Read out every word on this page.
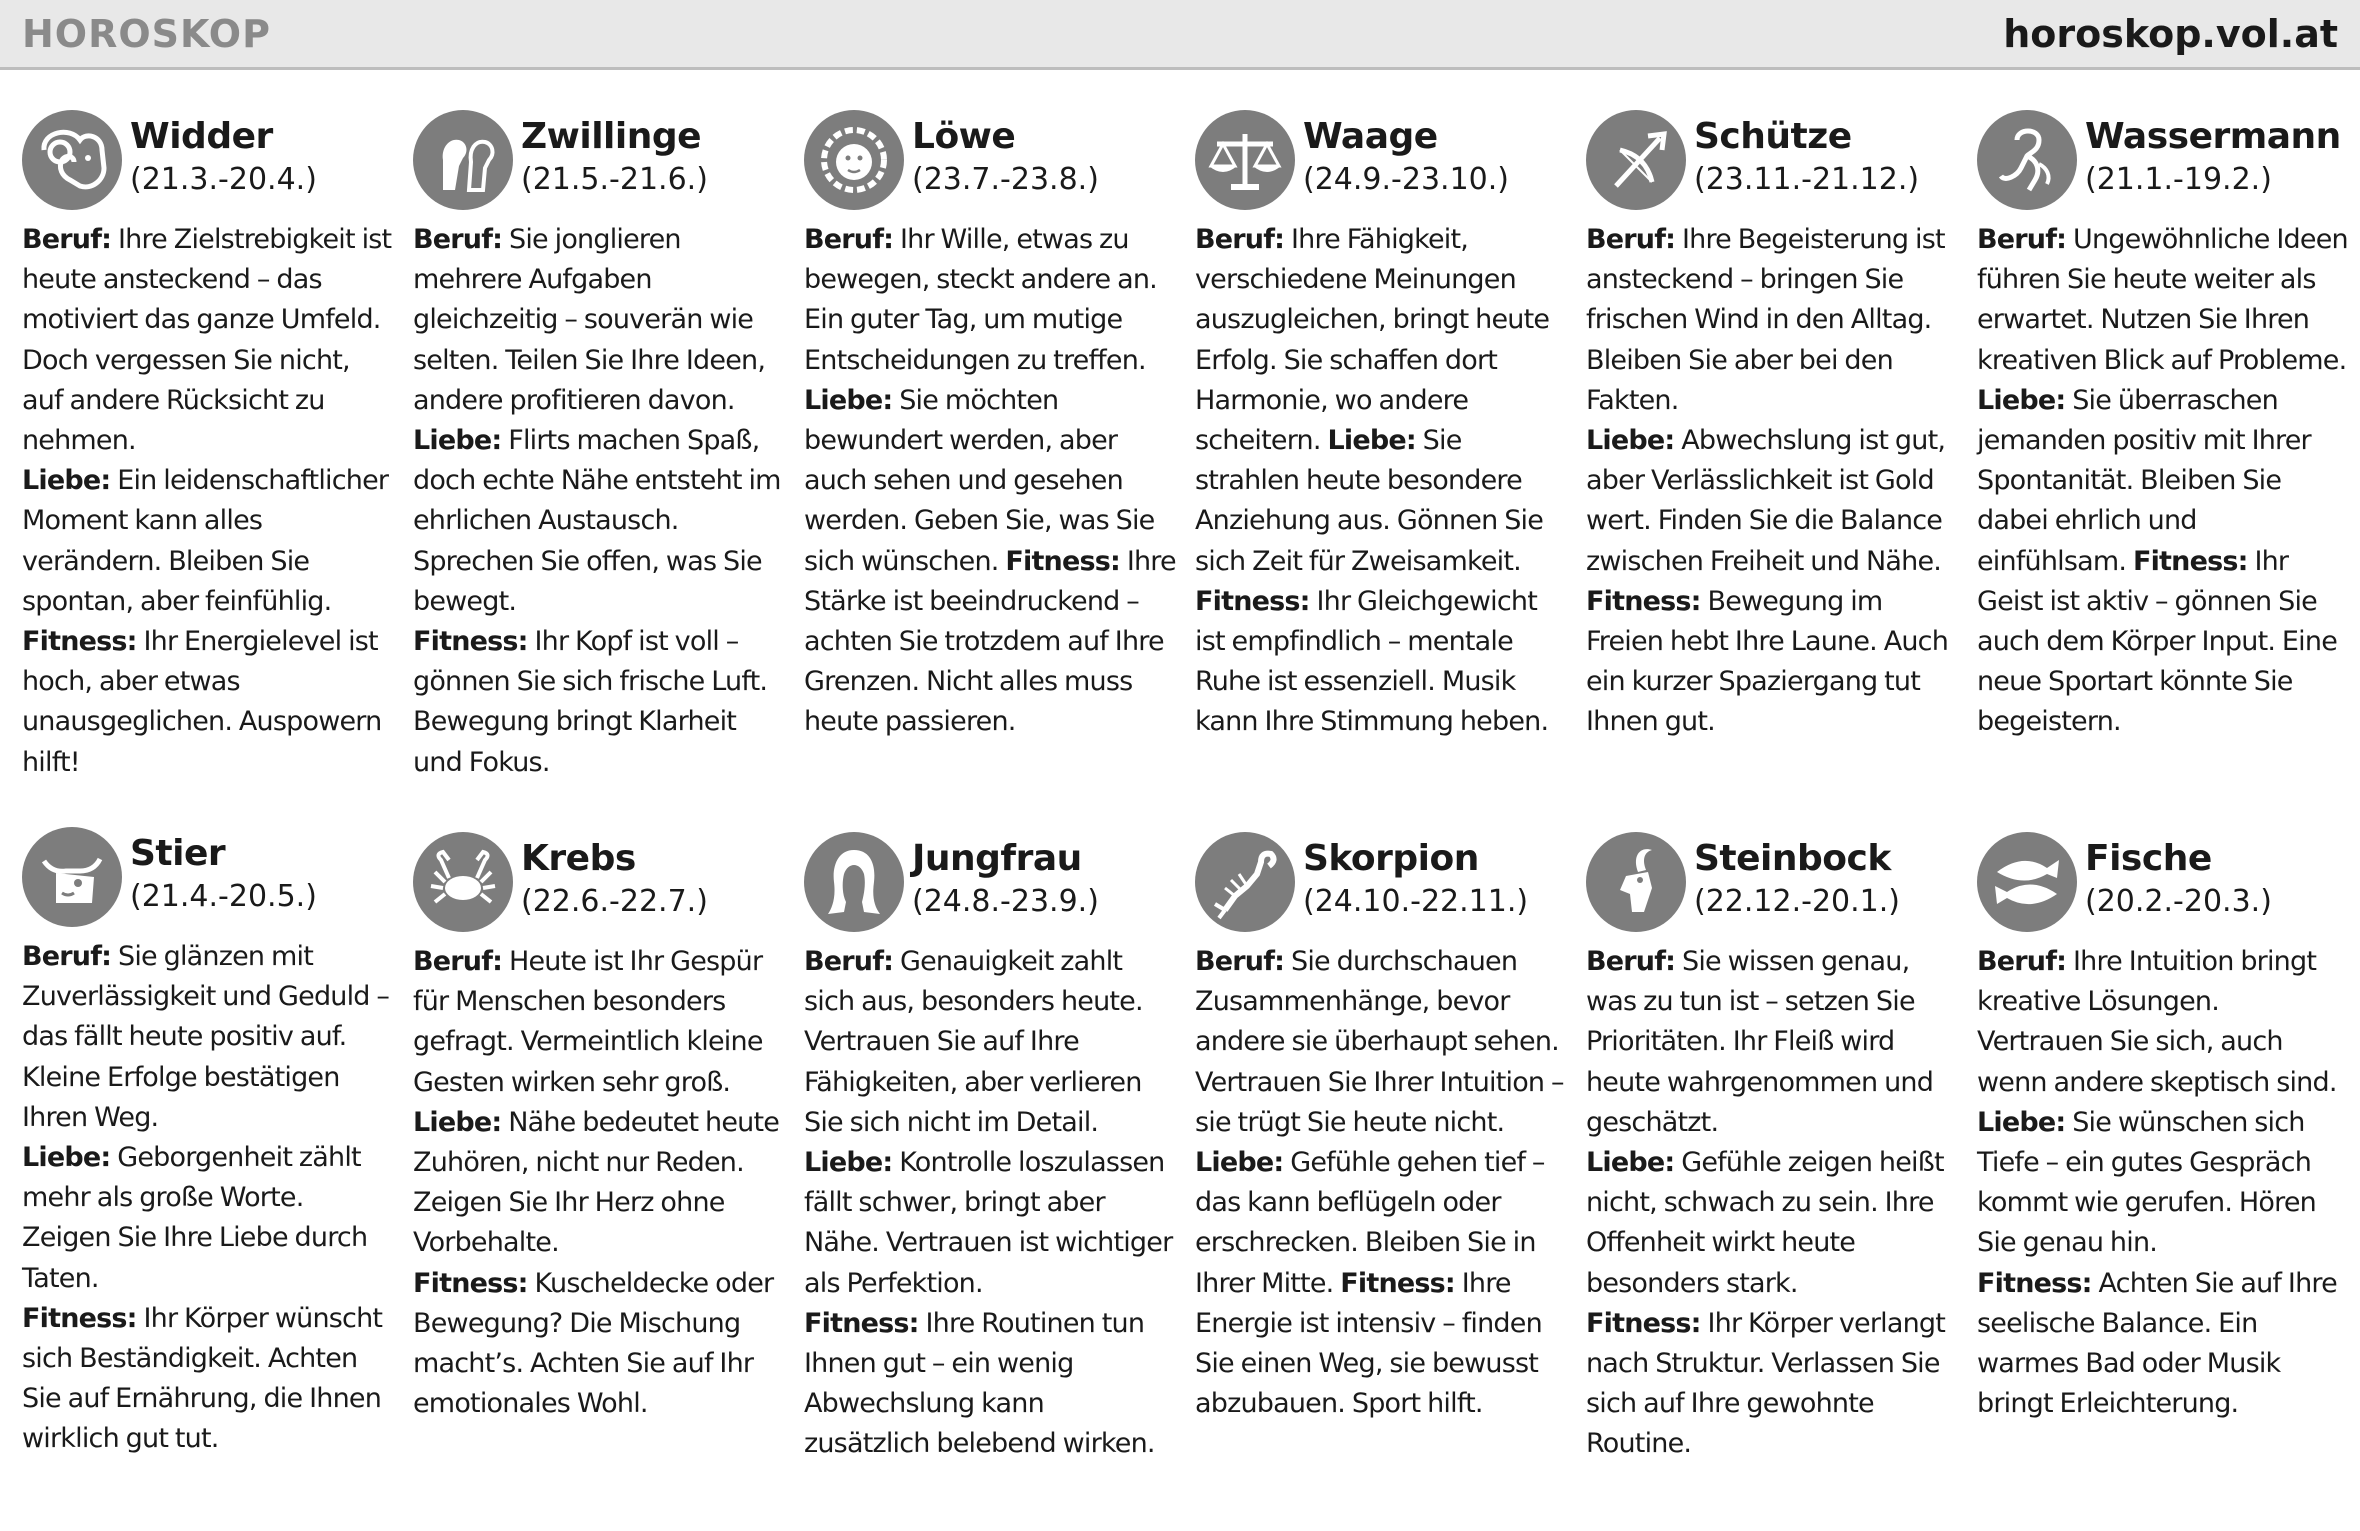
HOROSKOP	horoskop.vol.at
Widder
(21.3.-20.4.)
Beruf: Ihre Zielstrebigkeit ist heute ansteckend – das motiviert das ganze Umfeld. Doch vergessen Sie nicht, auf andere Rücksicht zu nehmen.
Liebe: Ein leidenschaftlicher Moment kann alles verändern. Bleiben Sie spontan, aber feinfühlig.
Fitness: Ihr Energielevel ist hoch, aber etwas unausgeglichen. Auspowern hilft!
Zwillinge
(21.5.-21.6.)
Beruf: Sie jonglieren mehrere Aufgaben gleichzeitig – souverän wie selten. Teilen Sie Ihre Ideen, andere profitieren davon.
Liebe: Flirts machen Spaß, doch echte Nähe entsteht im ehrlichen Austausch. Sprechen Sie offen, was Sie bewegt.
Fitness: Ihr Kopf ist voll – gönnen Sie sich frische Luft. Bewegung bringt Klarheit und Fokus.
Löwe
(23.7.-23.8.)
Beruf: Ihr Wille, etwas zu bewegen, steckt andere an. Ein guter Tag, um mutige Entscheidungen zu treffen. Liebe: Sie möchten bewundert werden, aber auch sehen und gesehen werden. Geben Sie, was Sie sich wünschen. Fitness: Ihre Stärke ist beeindruckend – achten Sie trotzdem auf Ihre Grenzen. Nicht alles muss heute passieren.
Waage
(24.9.-23.10.)
Beruf: Ihre Fähigkeit, verschiedene Meinungen auszugleichen, bringt heute Erfolg. Sie schaffen dort Harmonie, wo andere scheitern. Liebe: Sie strahlen heute besondere Anziehung aus. Gönnen Sie sich Zeit für Zweisamkeit. Fitness: Ihr Gleichgewicht ist empfindlich – mentale Ruhe ist essenziell. Musik kann Ihre Stimmung heben.
Schütze
(23.11.-21.12.)
Beruf: Ihre Begeisterung ist ansteckend – bringen Sie frischen Wind in den Alltag. Bleiben Sie aber bei den Fakten.
Liebe: Abwechslung ist gut, aber Verlässlichkeit ist Gold wert. Finden Sie die Balance zwischen Freiheit und Nähe.
Fitness: Bewegung im Freien hebt Ihre Laune. Auch ein kurzer Spaziergang tut Ihnen gut.
Wassermann
(21.1.-19.2.)
Beruf: Ungewöhnliche Ideen führen Sie heute weiter als erwartet. Nutzen Sie Ihren kreativen Blick auf Probleme.
Liebe: Sie überraschen jemanden positiv mit Ihrer Spontanität. Bleiben Sie dabei ehrlich und einfühlsam. Fitness: Ihr Geist ist aktiv – gönnen Sie auch dem Körper Input. Eine neue Sportart könnte Sie begeistern.
Stier
(21.4.-20.5.)
Beruf: Sie glänzen mit Zuverlässigkeit und Geduld – das fällt heute positiv auf. Kleine Erfolge bestätigen Ihren Weg.
Liebe: Geborgenheit zählt mehr als große Worte. Zeigen Sie Ihre Liebe durch Taten.
Fitness: Ihr Körper wünscht sich Beständigkeit. Achten Sie auf Ernährung, die Ihnen wirklich gut tut.
Krebs
(22.6.-22.7.)
Beruf: Heute ist Ihr Gespür für Menschen besonders gefragt. Vermeintlich kleine Gesten wirken sehr groß.
Liebe: Nähe bedeutet heute Zuhören, nicht nur Reden. Zeigen Sie Ihr Herz ohne Vorbehalte.
Fitness: Kuscheldecke oder Bewegung? Die Mischung macht’s. Achten Sie auf Ihr emotionales Wohl.
Jungfrau
(24.8.-23.9.)
Beruf: Genauigkeit zahlt sich aus, besonders heute. Vertrauen Sie auf Ihre Fähigkeiten, aber verlieren Sie sich nicht im Detail.
Liebe: Kontrolle loszulassen fällt schwer, bringt aber Nähe. Vertrauen ist wichtiger als Perfektion.
Fitness: Ihre Routinen tun Ihnen gut – ein wenig Abwechslung kann zusätzlich belebend wirken.
Skorpion
(24.10.-22.11.)
Beruf: Sie durchschauen Zusammenhänge, bevor andere sie überhaupt sehen. Vertrauen Sie Ihrer Intuition – sie trügt Sie heute nicht. Liebe: Gefühle gehen tief – das kann beflügeln oder erschrecken. Bleiben Sie in Ihrer Mitte. Fitness: Ihre Energie ist intensiv – finden Sie einen Weg, sie bewusst abzubauen. Sport hilft.
Steinbock
(22.12.-20.1.)
Beruf: Sie wissen genau, was zu tun ist – setzen Sie Prioritäten. Ihr Fleiß wird heute wahrgenommen und geschätzt.
Liebe: Gefühle zeigen heißt nicht, schwach zu sein. Ihre Offenheit wirkt heute besonders stark.
Fitness: Ihr Körper verlangt nach Struktur. Verlassen Sie sich auf Ihre gewohnte Routine.
Fische
(20.2.-20.3.)
Beruf: Ihre Intuition bringt kreative Lösungen. Vertrauen Sie sich, auch wenn andere skeptisch sind.
Liebe: Sie wünschen sich Tiefe – ein gutes Gespräch kommt wie gerufen. Hören Sie genau hin.
Fitness: Achten Sie auf Ihre seelische Balance. Ein warmes Bad oder Musik bringt Erleichterung.
